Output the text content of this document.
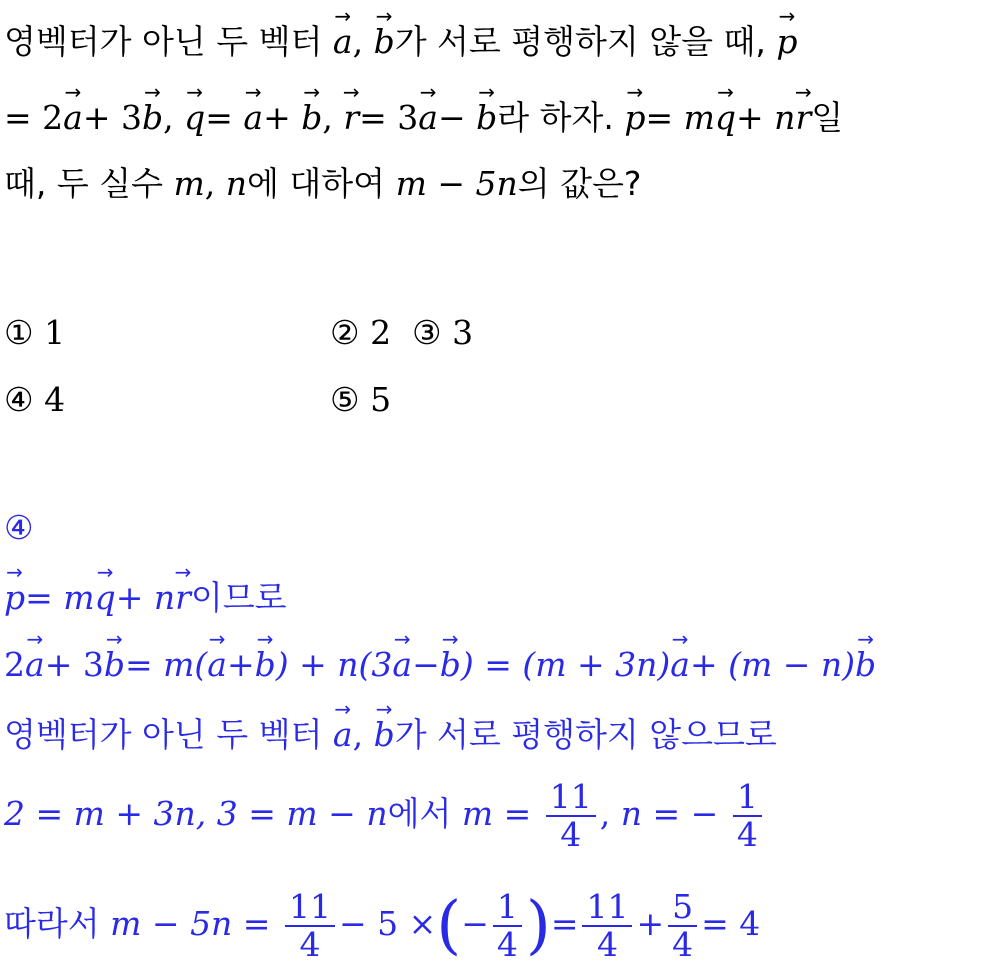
영벡터가 아닌 두 벡터 → a, → b가 서로 평행하지 않을 때, → p
= 2→ a+ 3→ b, → q= → a+ → b, → r= 3→ a− → b라 하자. → p= m→ q+ n→ r일
때, 두 실수 m, n에 대하여 m − 5n의 값은?
① 1	② 2 ③ 3
④ 4	⑤ 5
④
→ p= m→ q+ n→ r이므로
2→ a+ 3→ b= m(→ a+→ b) + n(3→ a−→ b) = (m + 3n)→ a+ (m − n)→ b
영벡터가 아닌 두 벡터 → a, → b가 서로 평행하지 않으므로
2 = m + 3n, 3 = m − n에서 $m = \frac{11}{4}$ , n = − $\frac{1}{4}$
따라서 $m - 5n = \frac{11}{4} - 5$ ×(− $\frac{1}{4}$ )= $\frac{11}{4} + \frac{5}{4} = 4$
